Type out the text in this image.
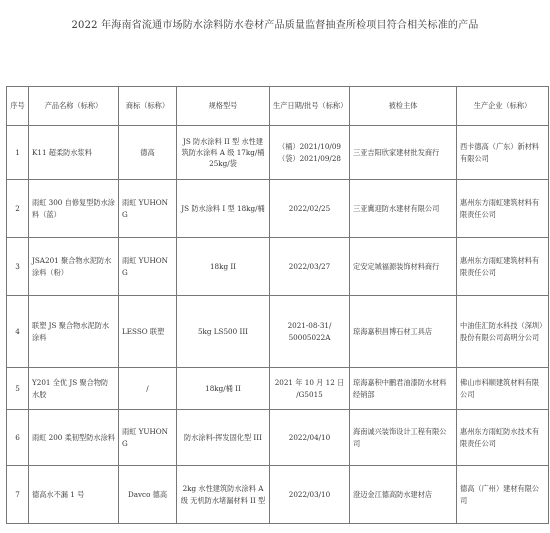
2022 年海南省流通市场防水涂料防水卷材产品质量监督抽查所检项目符合相关标准的产品
序号	产品名称（标称）	商标（标称）	规格型号	生产日期/批号（标称）	被检主体	生产企业（标称）
1	K11 超柔防水浆料	德高	JS 防水涂料 II 型 水性建筑防水涂料 A 级 17kg/桶 25kg/袋	（桶）2021/10/09
（袋）2021/09/28	三亚吉阳欣家建材批发商行	西卡德高（广东）新材料有限公司
2	雨虹 300 自修复型防水涂料（蓝）	雨虹 YUHONG	JS 防水涂料 I 型 18kg/桶	2022/02/25	三亚冀迎防水建材有限公司	惠州东方雨虹建筑材料有限责任公司
3	JSA201 聚合物水泥防水涂料（粉）	雨虹 YUHONG	18kg II	2022/03/27	定安定城福源装饰材料商行	惠州东方雨虹建筑材料有限责任公司
4	联塑 JS 聚合物水泥防水涂料	LESSO 联塑	5kg LS500 III	2021-08-31/
50005022A	琼海嘉积昌博石材工具店	中油佳汇防水科技（深圳）股份有限公司高明分公司
5	Y201 全优 JS 聚合物防水胶	/	18kg/桶 II	2021 年 10 月 12 日
/G5015	琼海嘉积中鹏君油漆防水材料经销部	佛山市科顺建筑材料有限公司
6	雨虹 200 柔韧型防水涂料	雨虹 YUHONG	防水涂料-挥发固化型 III	2022/04/10	海南诚兴装饰设计工程有限公司	惠州东方雨虹防水技术有限责任公司
7	德高水不漏 1 号	Davco 德高	2kg 水性建筑防水涂料 A 级 无机防水堵漏材料 II 型	2022/03/10	澄迈金江德高防水建材店	德高（广州）建材有限公司
